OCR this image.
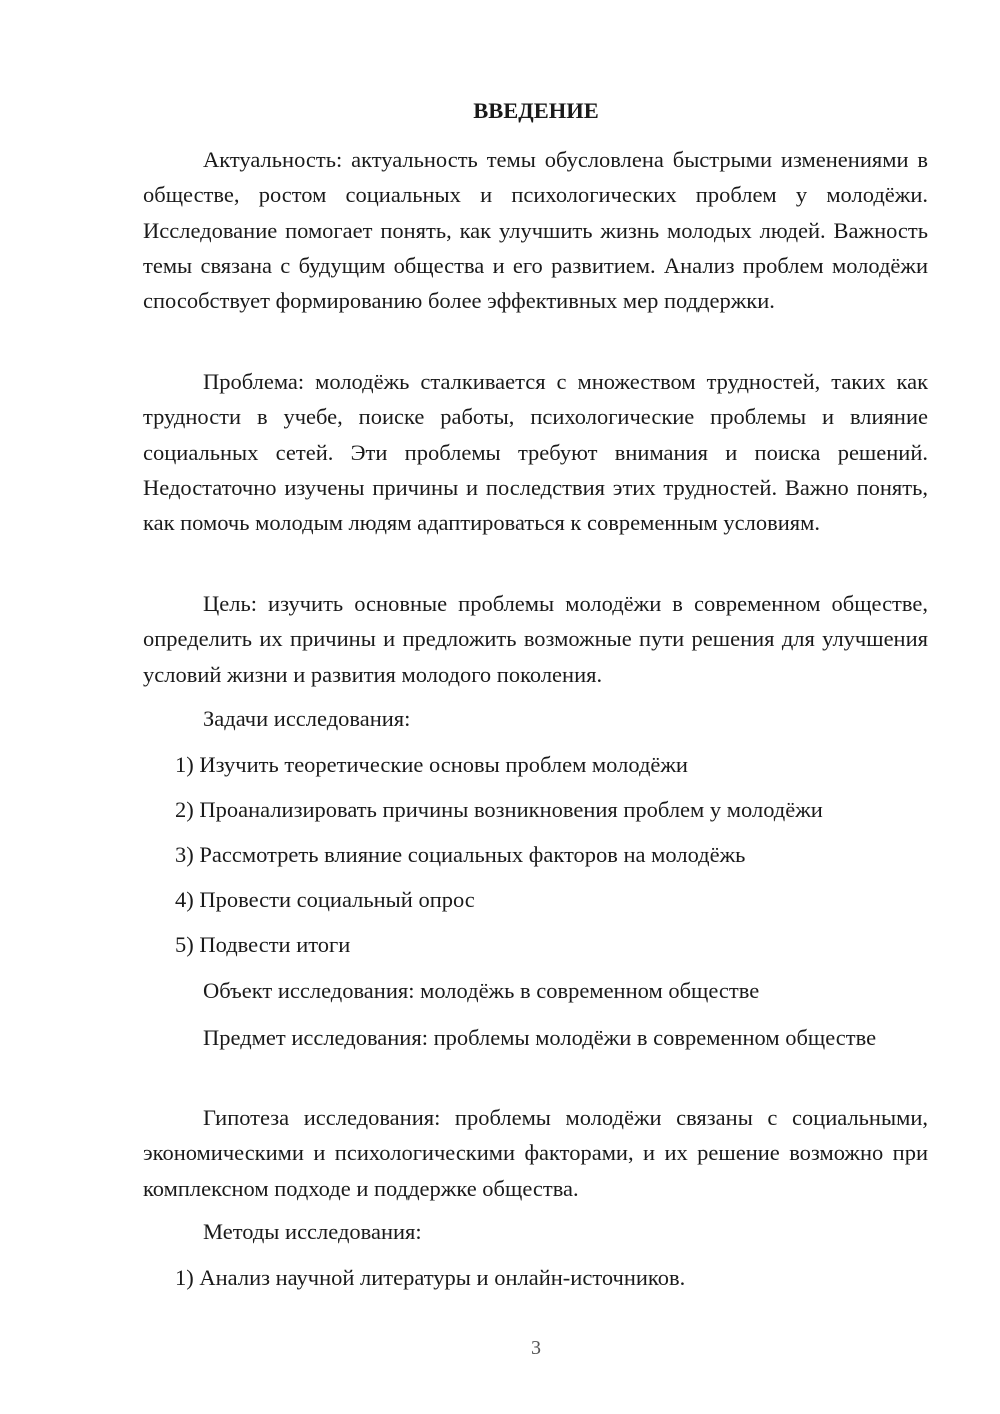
ВВЕДЕНИЕ

Актуальность: актуальность темы обусловлена быстрыми изменениями в обществе, ростом социальных и психологических проблем у молодёжи. Исследование помогает понять, как улучшить жизнь молодых людей. Важность темы связана с будущим общества и его развитием. Анализ проблем молодёжи способствует формированию более эффективных мер поддержки.

Проблема: молодёжь сталкивается с множеством трудностей, таких как трудности в учебе, поиске работы, психологические проблемы и влияние социальных сетей. Эти проблемы требуют внимания и поиска решений. Недостаточно изучены причины и последствия этих трудностей. Важно понять, как помочь молодым людям адаптироваться к современным условиям.

Цель: изучить основные проблемы молодёжи в современном обществе, определить их причины и предложить возможные пути решения для улучшения условий жизни и развития молодого поколения.

Задачи исследования:
1) Изучить теоретические основы проблем молодёжи
2) Проанализировать причины возникновения проблем у молодёжи
3) Рассмотреть влияние социальных факторов на молодёжь
4) Провести социальный опрос
5) Подвести итоги
Объект исследования: молодёжь в современном обществе

Предмет исследования: проблемы молодёжи в современном обществе

Гипотеза исследования: проблемы молодёжи связаны с социальными, экономическими и психологическими факторами, и их решение возможно при комплексном подходе и поддержке общества.

Методы исследования:
1) Анализ научной литературы и онлайн-источников.
3
